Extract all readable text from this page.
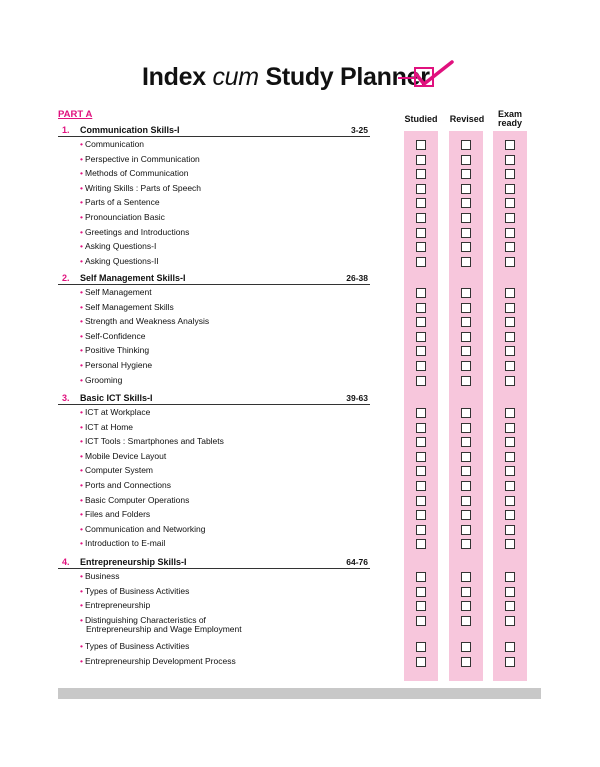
Index cum Study Planner
PART A	Studied	Revised	Exam
ready
1. Communication Skills-I	3-25
• Communication
• Perspective in Communication
• Methods of Communication
• Writing Skills : Parts of Speech
• Parts of a Sentence
• Pronounciation Basic
• Greetings and Introductions
• Asking Questions-I
• Asking Questions-II
2. Self Management Skills-I	26-38
• Self Management
• Self Management Skills
• Strength and Weakness Analysis
• Self-Confidence
• Positive Thinking
• Personal Hygiene
• Grooming
3. Basic ICT Skills-I	39-63
• ICT at Workplace
• ICT at Home
• ICT Tools : Smartphones and Tablets
• Mobile Device Layout
• Computer System
• Ports and Connections
• Basic Computer Operations
• Files and Folders
• Communication and Networking
• Introduction to E-mail
4. Entrepreneurship Skills-I	64-76
• Business
• Types of Business Activities
• Entrepreneurship
• Distinguishing Characteristics of
Entrepreneurship and Wage Employment
• Types of Business Activities
• Entrepreneurship Development Process
